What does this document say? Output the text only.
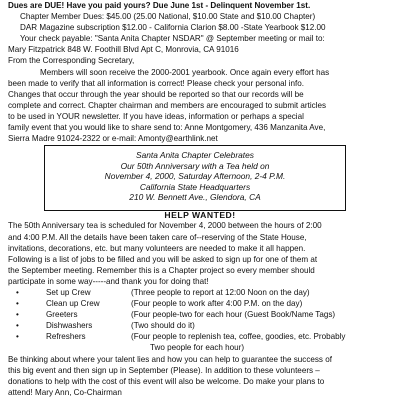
Dues are DUE! Have you paid yours? Due June 1st - Delinquent November 1st.
• Chapter Member Dues: $45.00 (25.00 National, $10.00 State and $10.00 Chapter)
• DAR Magazine subscription $12.00 - California Clarion $8.00 -State Yearbook $12.00
• Your check payable: "Santa Anita Chapter NSDAR" @ September meeting or mail to:
Mary Fitzpatrick 848 W. Foothill Blvd Apt C, Monrovia, CA 91016
From the Corresponding Secretary,
Members will soon receive the 2000-2001 yearbook. Once again every effort has
been made to verify that all information is correct! Please check your personal info.
Changes that occur through the year should be reported so that our records will be
complete and correct. Chapter chairman and members are encouraged to submit articles
to be used in YOUR newsletter. If you have ideas, information or perhaps a special
family event that you would like to share send to: Anne Montgomery, 436 Manzanita Ave,
Sierra Madre 91024-2322 or e-mail: Amonty@earthlink.net
Santa Anita Chapter Celebrates
Our 50th Anniversary with a Tea held on
November 4, 2000, Saturday Afternoon, 2-4 P.M.
California State Headquarters
210 W. Bennett Ave., Glendora, CA
HELP WANTED!
The 50th Anniversary tea is scheduled for November 4, 2000 between the hours of 2:00
and 4:00 P.M. All the details have been taken care of--reserving of the State House,
invitations, decorations, etc. but many volunteers are needed to make it all happen.
Following is a list of jobs to be filled and you will be asked to sign up for one of them at
the September meeting. Remember this is a Chapter project so every member should
participate in some way-----and thank you for doing that!
•	Set up Crew	(Three people to report at 12:00 Noon on the day)
•	Clean up Crew	(Four people to work after 4:00 P.M. on the day)
•	Greeters	(Four people-two for each hour (Guest Book/Name Tags)
•	Dishwashers	(Two should do it)
•	Refreshers	(Four people to replenish tea, coffee, goodies, etc. Probably
Two people for each hour)
Be thinking about where your talent lies and how you can help to guarantee the success of
this big event and then sign up in September (Please). In addition to these volunteers –
donations to help with the cost of this event will also be welcome. Do make your plans to
attend! Mary Ann, Co-Chairman
